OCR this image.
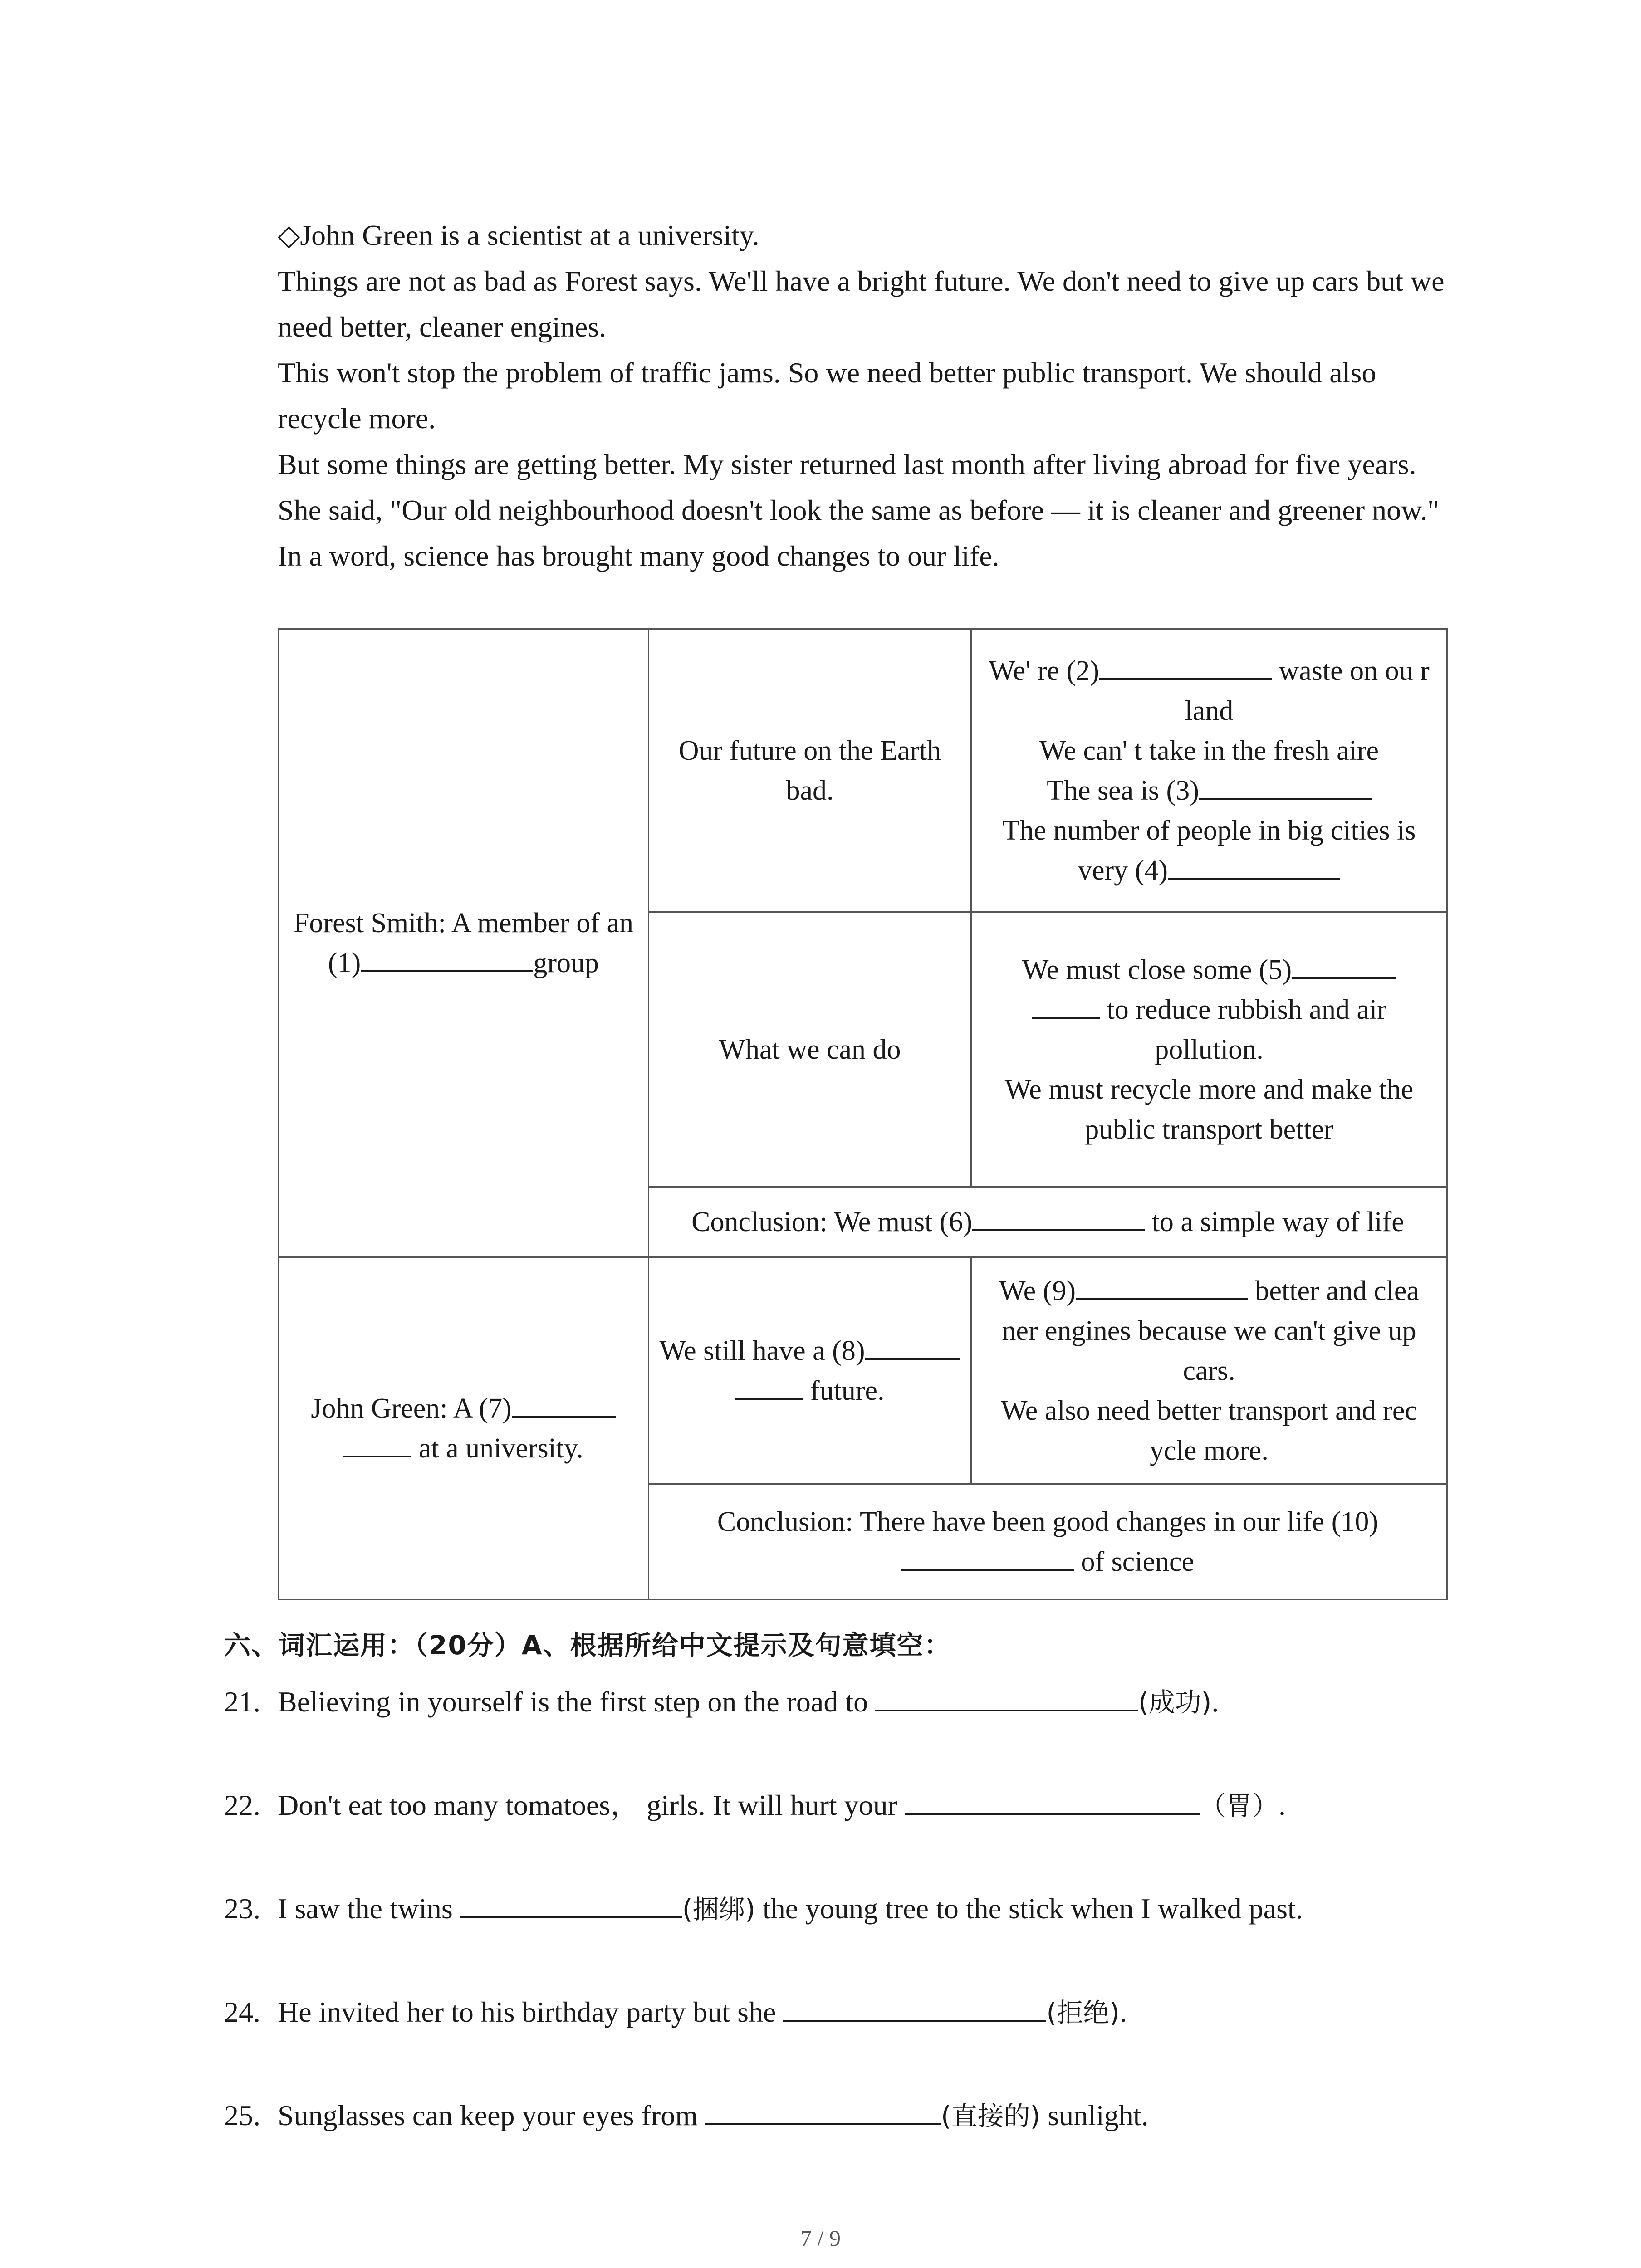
◇John Green is a scientist at a university.

Things are not as bad as Forest says. We'll have a bright future. We don't need to give up cars but we need better, cleaner engines.

This won't stop the problem of traffic jams. So we need better public transport. We should also recycle more.

But some things are getting better. My sister returned last month after living abroad for five years. She said, "Our old neighbourhood doesn't look the same as before — it is cleaner and greener now."

In a word, science has brought many good changes to our life.

Forest Smith: A member of an
(1) group	Our future on the Earth bad.	We' re (2) waste on ou r land
We can' t take in the fresh aire
The sea is (3)
The number of people in big cities is very (4)
	What we can do	We must close some (5)
to reduce rubbish and air pollution.
We must recycle more and make the public transport better
	Conclusion: We must (6) to a simple way of life	
John Green: A (7)
at a university.	We still have a (8)
future.	We (9) better and clea ner engines because we can't give up cars.
We also need better transport and rec ycle more.
	Conclusion: There have been good changes in our life (10)
of science	
六、词汇运用：（20分）A、根据所给中文提示及句意填空：
21. Believing in yourself is the first step on the road to	(成功).
22. Don't eat too many tomatoes， girls. It will hurt your	（胃）.
23. I saw the twins	(捆绑) the young tree to the stick when I walked past.
24. He invited her to his birthday party but she	(拒绝).
25. Sunglasses can keep your eyes from	(直接的) sunlight.
7 / 9
